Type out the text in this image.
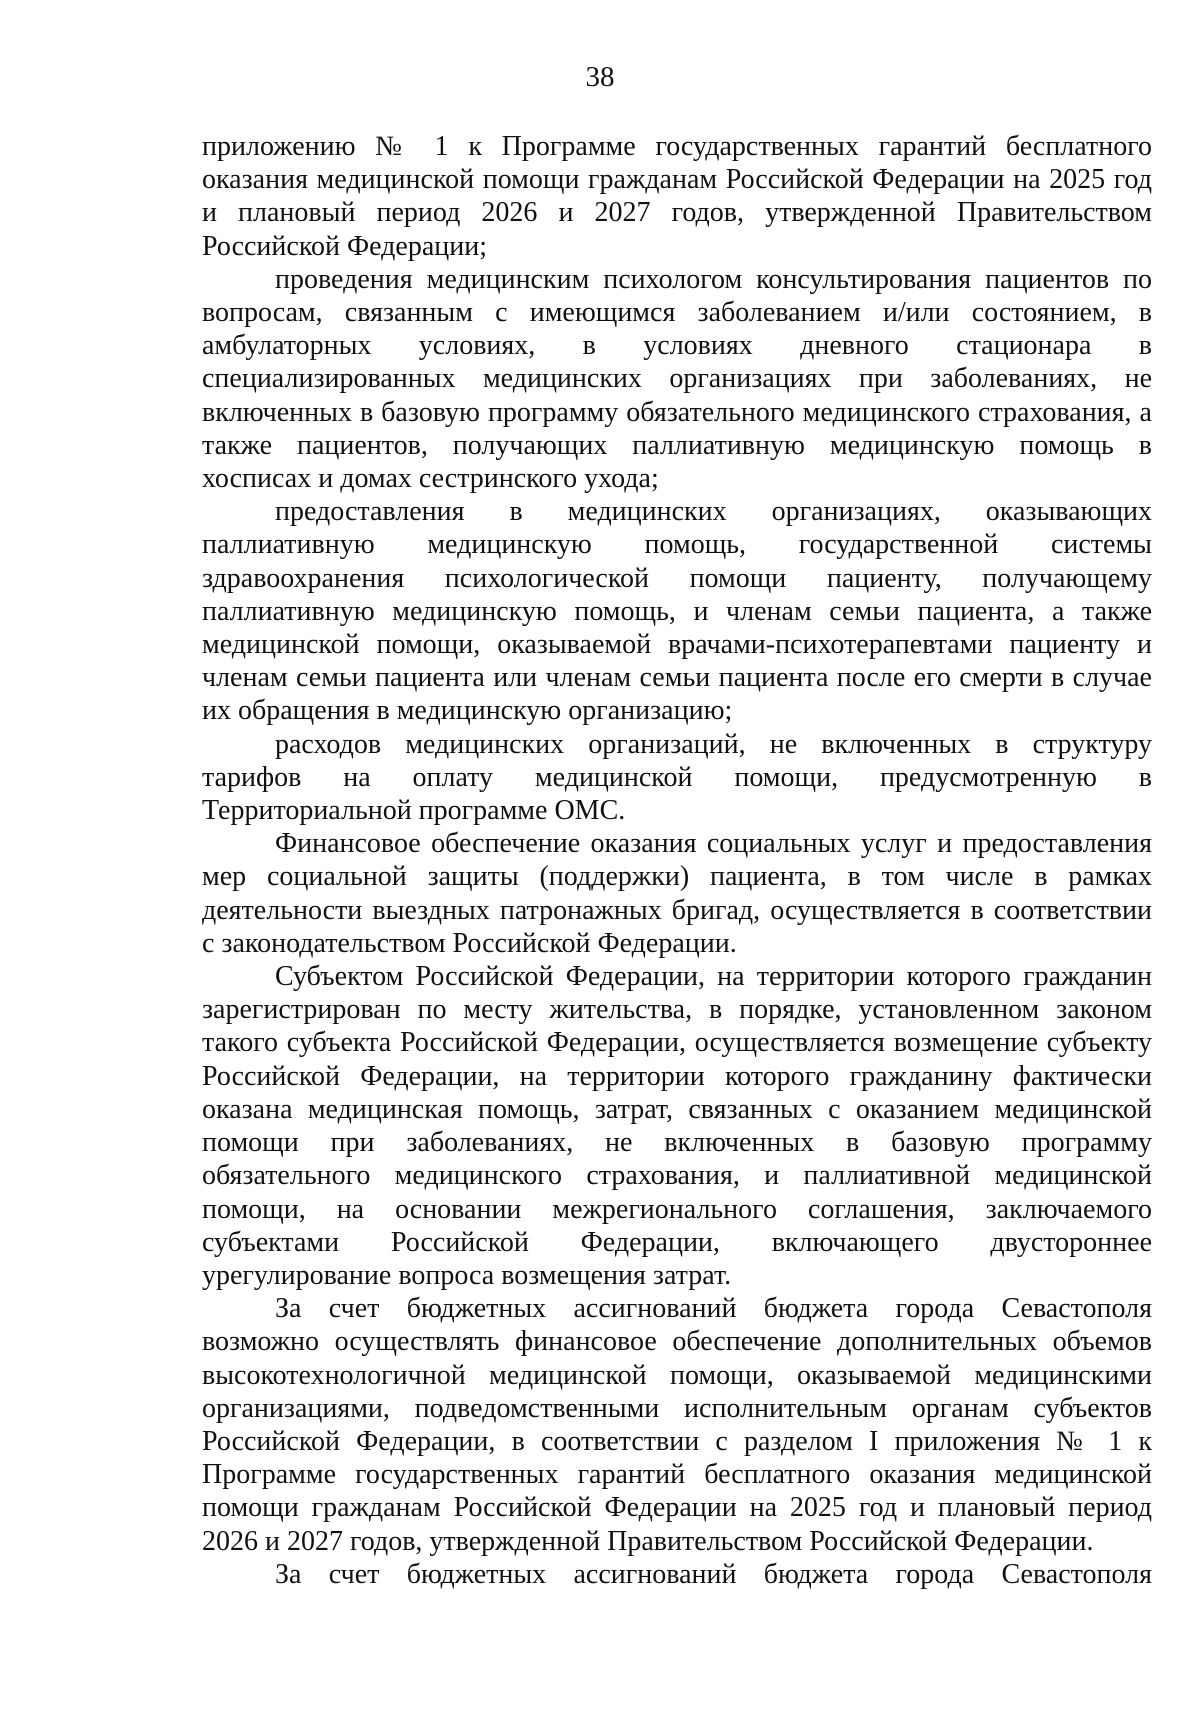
38

приложению № 1 к Программе государственных гарантий бесплатного оказания медицинской помощи гражданам Российской Федерации на 2025 год и плановый период 2026 и 2027 годов, утвержденной Правительством Российской Федерации;

проведения медицинским психологом консультирования пациентов по вопросам, связанным с имеющимся заболеванием и/или состоянием, в амбулаторных условиях, в условиях дневного стационара в специализированных медицинских организациях при заболеваниях, не включенных в базовую программу обязательного медицинского страхования, а также пациентов, получающих паллиативную медицинскую помощь в хосписах и домах сестринского ухода;

предоставления в медицинских организациях, оказывающих паллиативную медицинскую помощь, государственной системы здравоохранения психологической помощи пациенту, получающему паллиативную медицинскую помощь, и членам семьи пациента, а также медицинской помощи, оказываемой врачами-психотерапевтами пациенту и членам семьи пациента или членам семьи пациента после его смерти в случае их обращения в медицинскую организацию;

расходов медицинских организаций, не включенных в структуру тарифов на оплату медицинской помощи, предусмотренную в Территориальной программе ОМС.

Финансовое обеспечение оказания социальных услуг и предоставления мер социальной защиты (поддержки) пациента, в том числе в рамках деятельности выездных патронажных бригад, осуществляется в соответствии с законодательством Российской Федерации.

Субъектом Российской Федерации, на территории которого гражданин зарегистрирован по месту жительства, в порядке, установленном законом такого субъекта Российской Федерации, осуществляется возмещение субъекту Российской Федерации, на территории которого гражданину фактически оказана медицинская помощь, затрат, связанных с оказанием медицинской помощи при заболеваниях, не включенных в базовую программу обязательного медицинского страхования, и паллиативной медицинской помощи, на основании межрегионального соглашения, заключаемого субъектами Российской Федерации, включающего двустороннее урегулирование вопроса возмещения затрат.

За счет бюджетных ассигнований бюджета города Севастополя возможно осуществлять финансовое обеспечение дополнительных объемов высокотехнологичной медицинской помощи, оказываемой медицинскими организациями, подведомственными исполнительным органам субъектов Российской Федерации, в соответствии с разделом I приложения № 1 к Программе государственных гарантий бесплатного оказания медицинской помощи гражданам Российской Федерации на 2025 год и плановый период 2026 и 2027 годов, утвержденной Правительством Российской Федерации.

За счет бюджетных ассигнований бюджета города Севастополя
